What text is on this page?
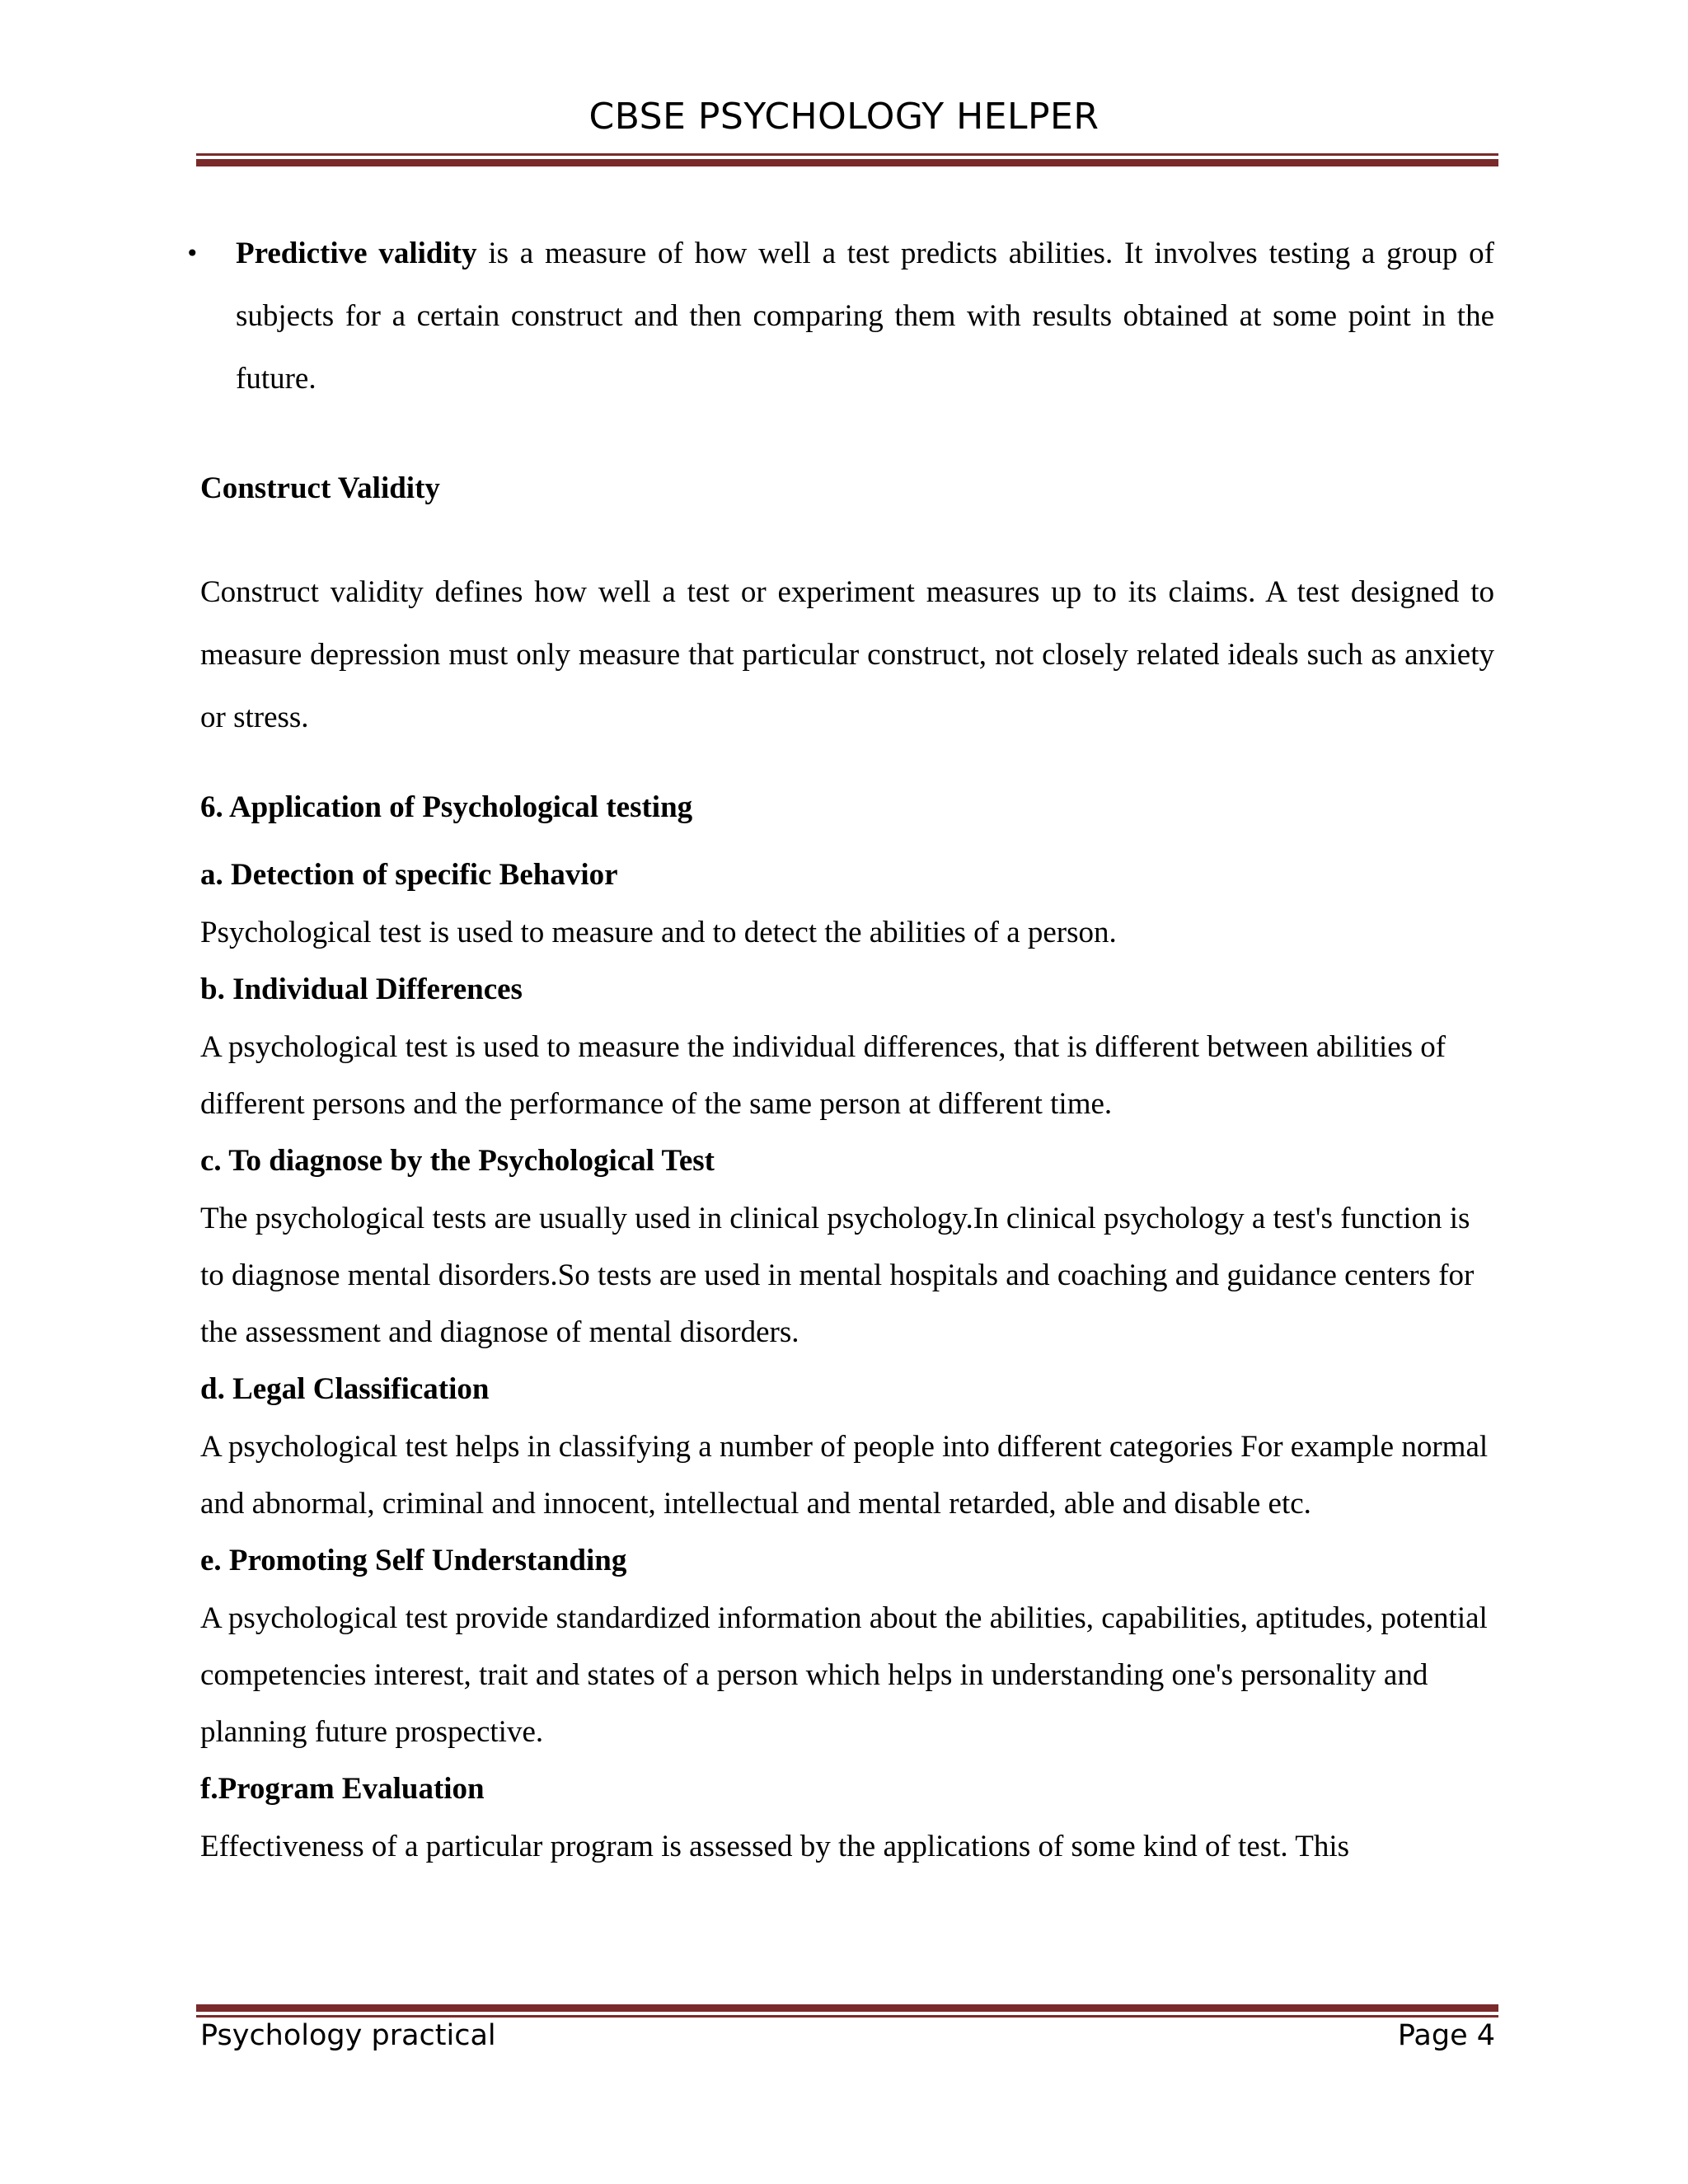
CBSE PSYCHOLOGY HELPER
• Predictive validity is a measure of how well a test predicts abilities. It involves testing a group of subjects for a certain construct and then comparing them with results obtained at some point in the future.
Construct Validity
Construct validity defines how well a test or experiment measures up to its claims. A test designed to measure depression must only measure that particular construct, not closely related ideals such as anxiety or stress.
6. Application of Psychological testing
a. Detection of specific Behavior
Psychological test is used to measure and to detect the abilities of a person.
b. Individual Differences
A psychological test is used to measure the individual differences, that is different between abilities of different persons and the performance of the same person at different time.
c. To diagnose by the Psychological Test
The psychological tests are usually used in clinical psychology.In clinical psychology a test's function is to diagnose mental disorders.So tests are used in mental hospitals and coaching and guidance centers for the assessment and diagnose of mental disorders.
d. Legal Classification
A psychological test helps in classifying a number of people into different categories For example normal and abnormal, criminal and innocent, intellectual and mental retarded, able and disable etc.
e. Promoting Self Understanding
A psychological test provide standardized information about the abilities, capabilities, aptitudes, potential competencies interest, trait and states of a person which helps in understanding one's personality and planning future prospective.
f.Program Evaluation
Effectiveness of a particular program is assessed by the applications of some kind of test. This
Psychology practical	Page 4
